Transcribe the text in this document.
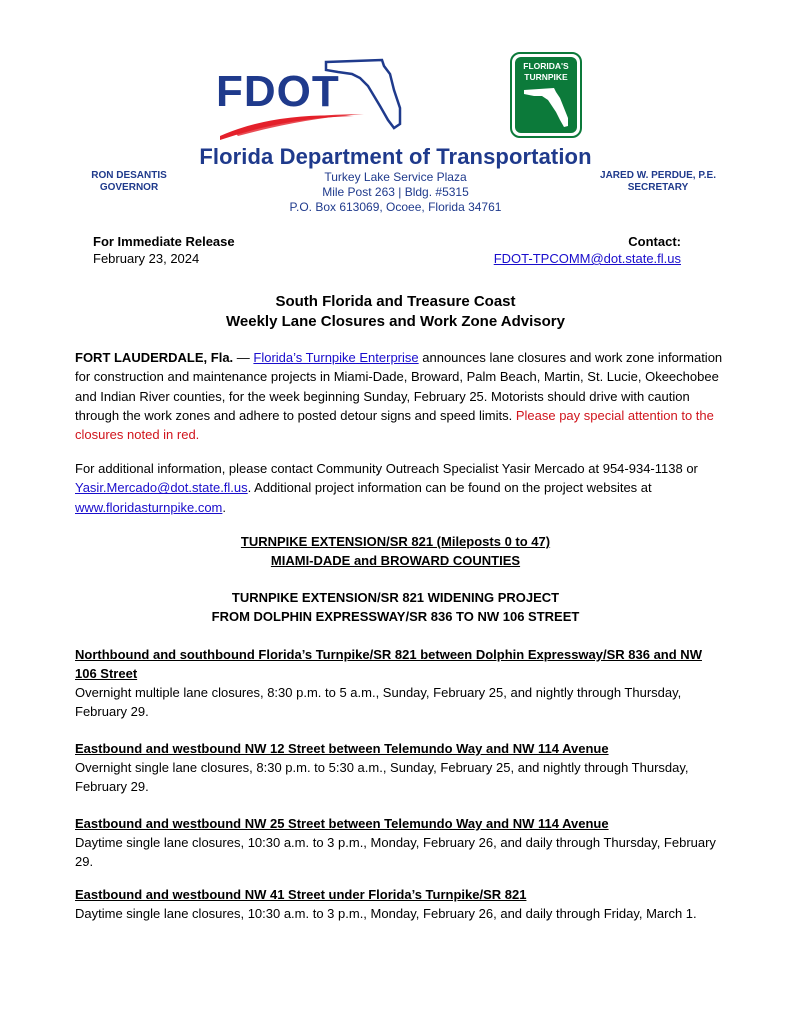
FDOT
FLORIDA'S
TURNPIKE
Florida Department of Transportation
RON DESANTIS
GOVERNOR
Turkey Lake Service Plaza
Mile Post 263 | Bldg. #5315
P.O. Box 613069, Ocoee, Florida 34761
JARED W. PERDUE, P.E.
SECRETARY
For Immediate Release
February 23, 2024
Contact:
FDOT-TPCOMM@dot.state.fl.us
South Florida and Treasure Coast
Weekly Lane Closures and Work Zone Advisory
FORT LAUDERDALE, Fla. — Florida’s Turnpike Enterprise announces lane closures and work zone information for construction and maintenance projects in Miami-Dade, Broward, Palm Beach, Martin, St. Lucie, Okeechobee and Indian River counties, for the week beginning Sunday, February 25. Motorists should drive with caution through the work zones and adhere to posted detour signs and speed limits. Please pay special attention to the closures noted in red.
For additional information, please contact Community Outreach Specialist Yasir Mercado at 954-934-1138 or Yasir.Mercado@dot.state.fl.us. Additional project information can be found on the project websites at www.floridasturnpike.com.
TURNPIKE EXTENSION/SR 821 (Mileposts 0 to 47)
MIAMI-DADE and BROWARD COUNTIES
TURNPIKE EXTENSION/SR 821 WIDENING PROJECT
FROM DOLPHIN EXPRESSWAY/SR 836 TO NW 106 STREET
Northbound and southbound Florida’s Turnpike/SR 821 between Dolphin Expressway/SR 836 and NW 106 Street
Overnight multiple lane closures, 8:30 p.m. to 5 a.m., Sunday, February 25, and nightly through Thursday, February 29.
Eastbound and westbound NW 12 Street between Telemundo Way and NW 114 Avenue
Overnight single lane closures, 8:30 p.m. to 5:30 a.m., Sunday, February 25, and nightly through Thursday, February 29.
Eastbound and westbound NW 25 Street between Telemundo Way and NW 114 Avenue
Daytime single lane closures, 10:30 a.m. to 3 p.m., Monday, February 26, and daily through Thursday, February 29.
Eastbound and westbound NW 41 Street under Florida’s Turnpike/SR 821
Daytime single lane closures, 10:30 a.m. to 3 p.m., Monday, February 26, and daily through Friday, March 1.
